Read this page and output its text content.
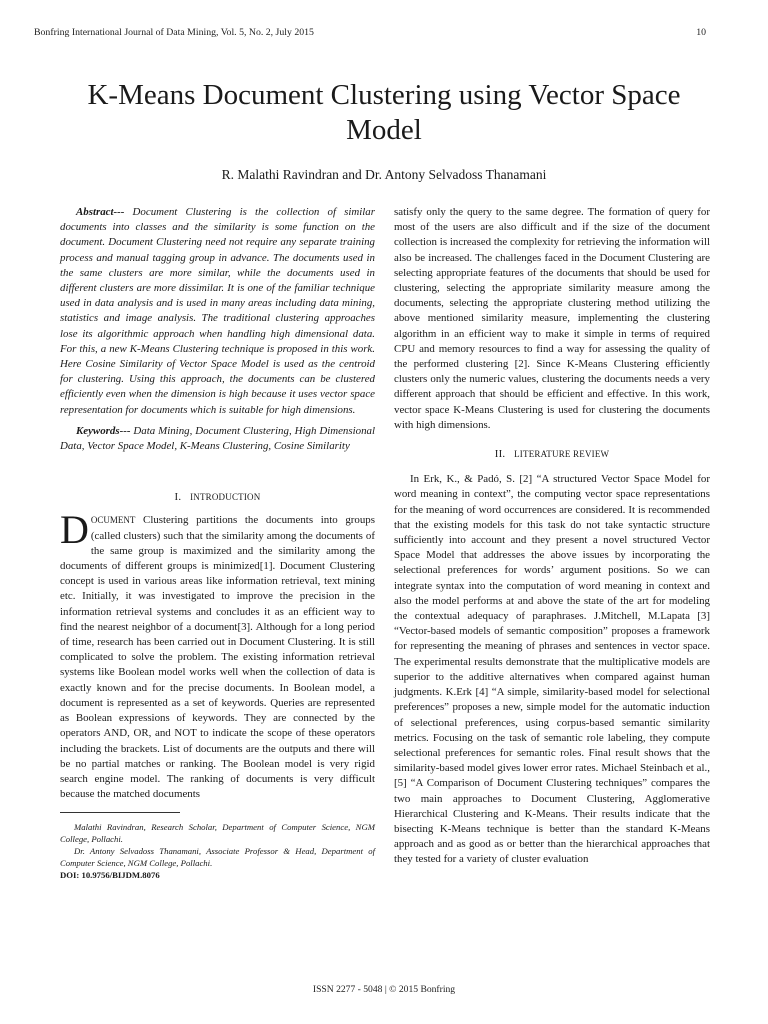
Bonfring International Journal of Data Mining, Vol. 5, No. 2, July 2015	10
K-Means Document Clustering using Vector Space Model
R. Malathi Ravindran and Dr. Antony Selvadoss Thanamani

Abstract--- Document Clustering is the collection of similar documents into classes and the similarity is some function on the document. Document Clustering need not require any separate training process and manual tagging group in advance. The documents used in the same clusters are more similar, while the documents used in different clusters are more dissimilar. It is one of the familiar technique used in data analysis and is used in many areas including data mining, statistics and image analysis. The traditional clustering approaches lose its algorithmic approach when handling high dimensional data. For this, a new K-Means Clustering technique is proposed in this work. Here Cosine Similarity of Vector Space Model is used as the centroid for clustering. Using this approach, the documents can be clustered efficiently even when the dimension is high because it uses vector space representation for documents which is suitable for high dimensions.

Keywords--- Data Mining, Document Clustering, High Dimensional Data, Vector Space Model, K-Means Clustering, Cosine Similarity

I. INTRODUCTION

DOCUMENT Clustering partitions the documents into groups (called clusters) such that the similarity among the documents of the same group is maximized and the similarity among the documents of different groups is minimized[1]. Document Clustering concept is used in various areas like information retrieval, text mining etc. Initially, it was investigated to improve the precision in the information retrieval systems and concludes it as an efficient way to find the nearest neighbor of a document[3]. Although for a long period of time, research has been carried out in Document Clustering. It is still complicated to solve the problem. The existing information retrieval systems like Boolean model works well when the collection of data is exactly known and for the precise documents. In Boolean model, a document is represented as a set of keywords. Queries are represented as Boolean expressions of keywords. They are connected by the operators AND, OR, and NOT to indicate the scope of these operators including the brackets. List of documents are the outputs and there will be no partial matches or ranking. The Boolean model is very rigid search engine model. The ranking of documents is very difficult because the matched documents

Malathi Ravindran, Research Scholar, Department of Computer Science, NGM College, Pollachi.

Dr. Antony Selvadoss Thanamani, Associate Professor & Head, Department of Computer Science, NGM College, Pollachi.

DOI: 10.9756/BIJDM.8076

satisfy only the query to the same degree. The formation of query for most of the users are also difficult and if the size of the document collection is increased the complexity for retrieving the information will also be increased. The challenges faced in the Document Clustering are selecting appropriate features of the documents that should be used for clustering, selecting the appropriate similarity measure among the documents, selecting the appropriate clustering method utilizing the above mentioned similarity measure, implementing the clustering algorithm in an efficient way to make it simple in terms of required CPU and memory resources to find a way for assessing the quality of the performed clustering [2]. Since K-Means Clustering efficiently clusters only the numeric values, clustering the documents needs a very different approach that should be efficient and effective. In this work, vector space K-Means Clustering is used for clustering the documents with high dimensions.

II. LITERATURE REVIEW

In Erk, K., & Padó, S. [2] “A structured Vector Space Model for word meaning in context”, the computing vector space representations for the meaning of word occurrences are considered. It is recommended that the existing models for this task do not take syntactic structure sufficiently into account and they present a novel structured Vector Space Model that addresses the above issues by incorporating the selectional preferences for words’ argument positions. So we can integrate syntax into the computation of word meaning in context and also the model performs at and above the state of the art for modeling the contextual adequacy of paraphrases. J.Mitchell, M.Lapata [3] “Vector-based models of semantic composition” proposes a framework for representing the meaning of phrases and sentences in vector space. The experimental results demonstrate that the multiplicative models are superior to the additive alternatives when compared against human judgments. K.Erk [4] “A simple, similarity-based model for selectional preferences” proposes a new, simple model for the automatic induction of selectional preferences, using corpus-based semantic similarity metrics. Focusing on the task of semantic role labeling, they compute selectional preferences for semantic roles. Final result shows that the similarity-based model gives lower error rates. Michael Steinbach et al.,[5] “A Comparison of Document Clustering techniques” compares the two main approaches to Document Clustering, Agglomerative Hierarchical Clustering and K-Means. Their results indicate that the bisecting K-Means technique is better than the standard K-Means approach and as good as or better than the hierarchical approaches that they tested for a variety of cluster evaluation

ISSN 2277 - 5048 | © 2015 Bonfring
